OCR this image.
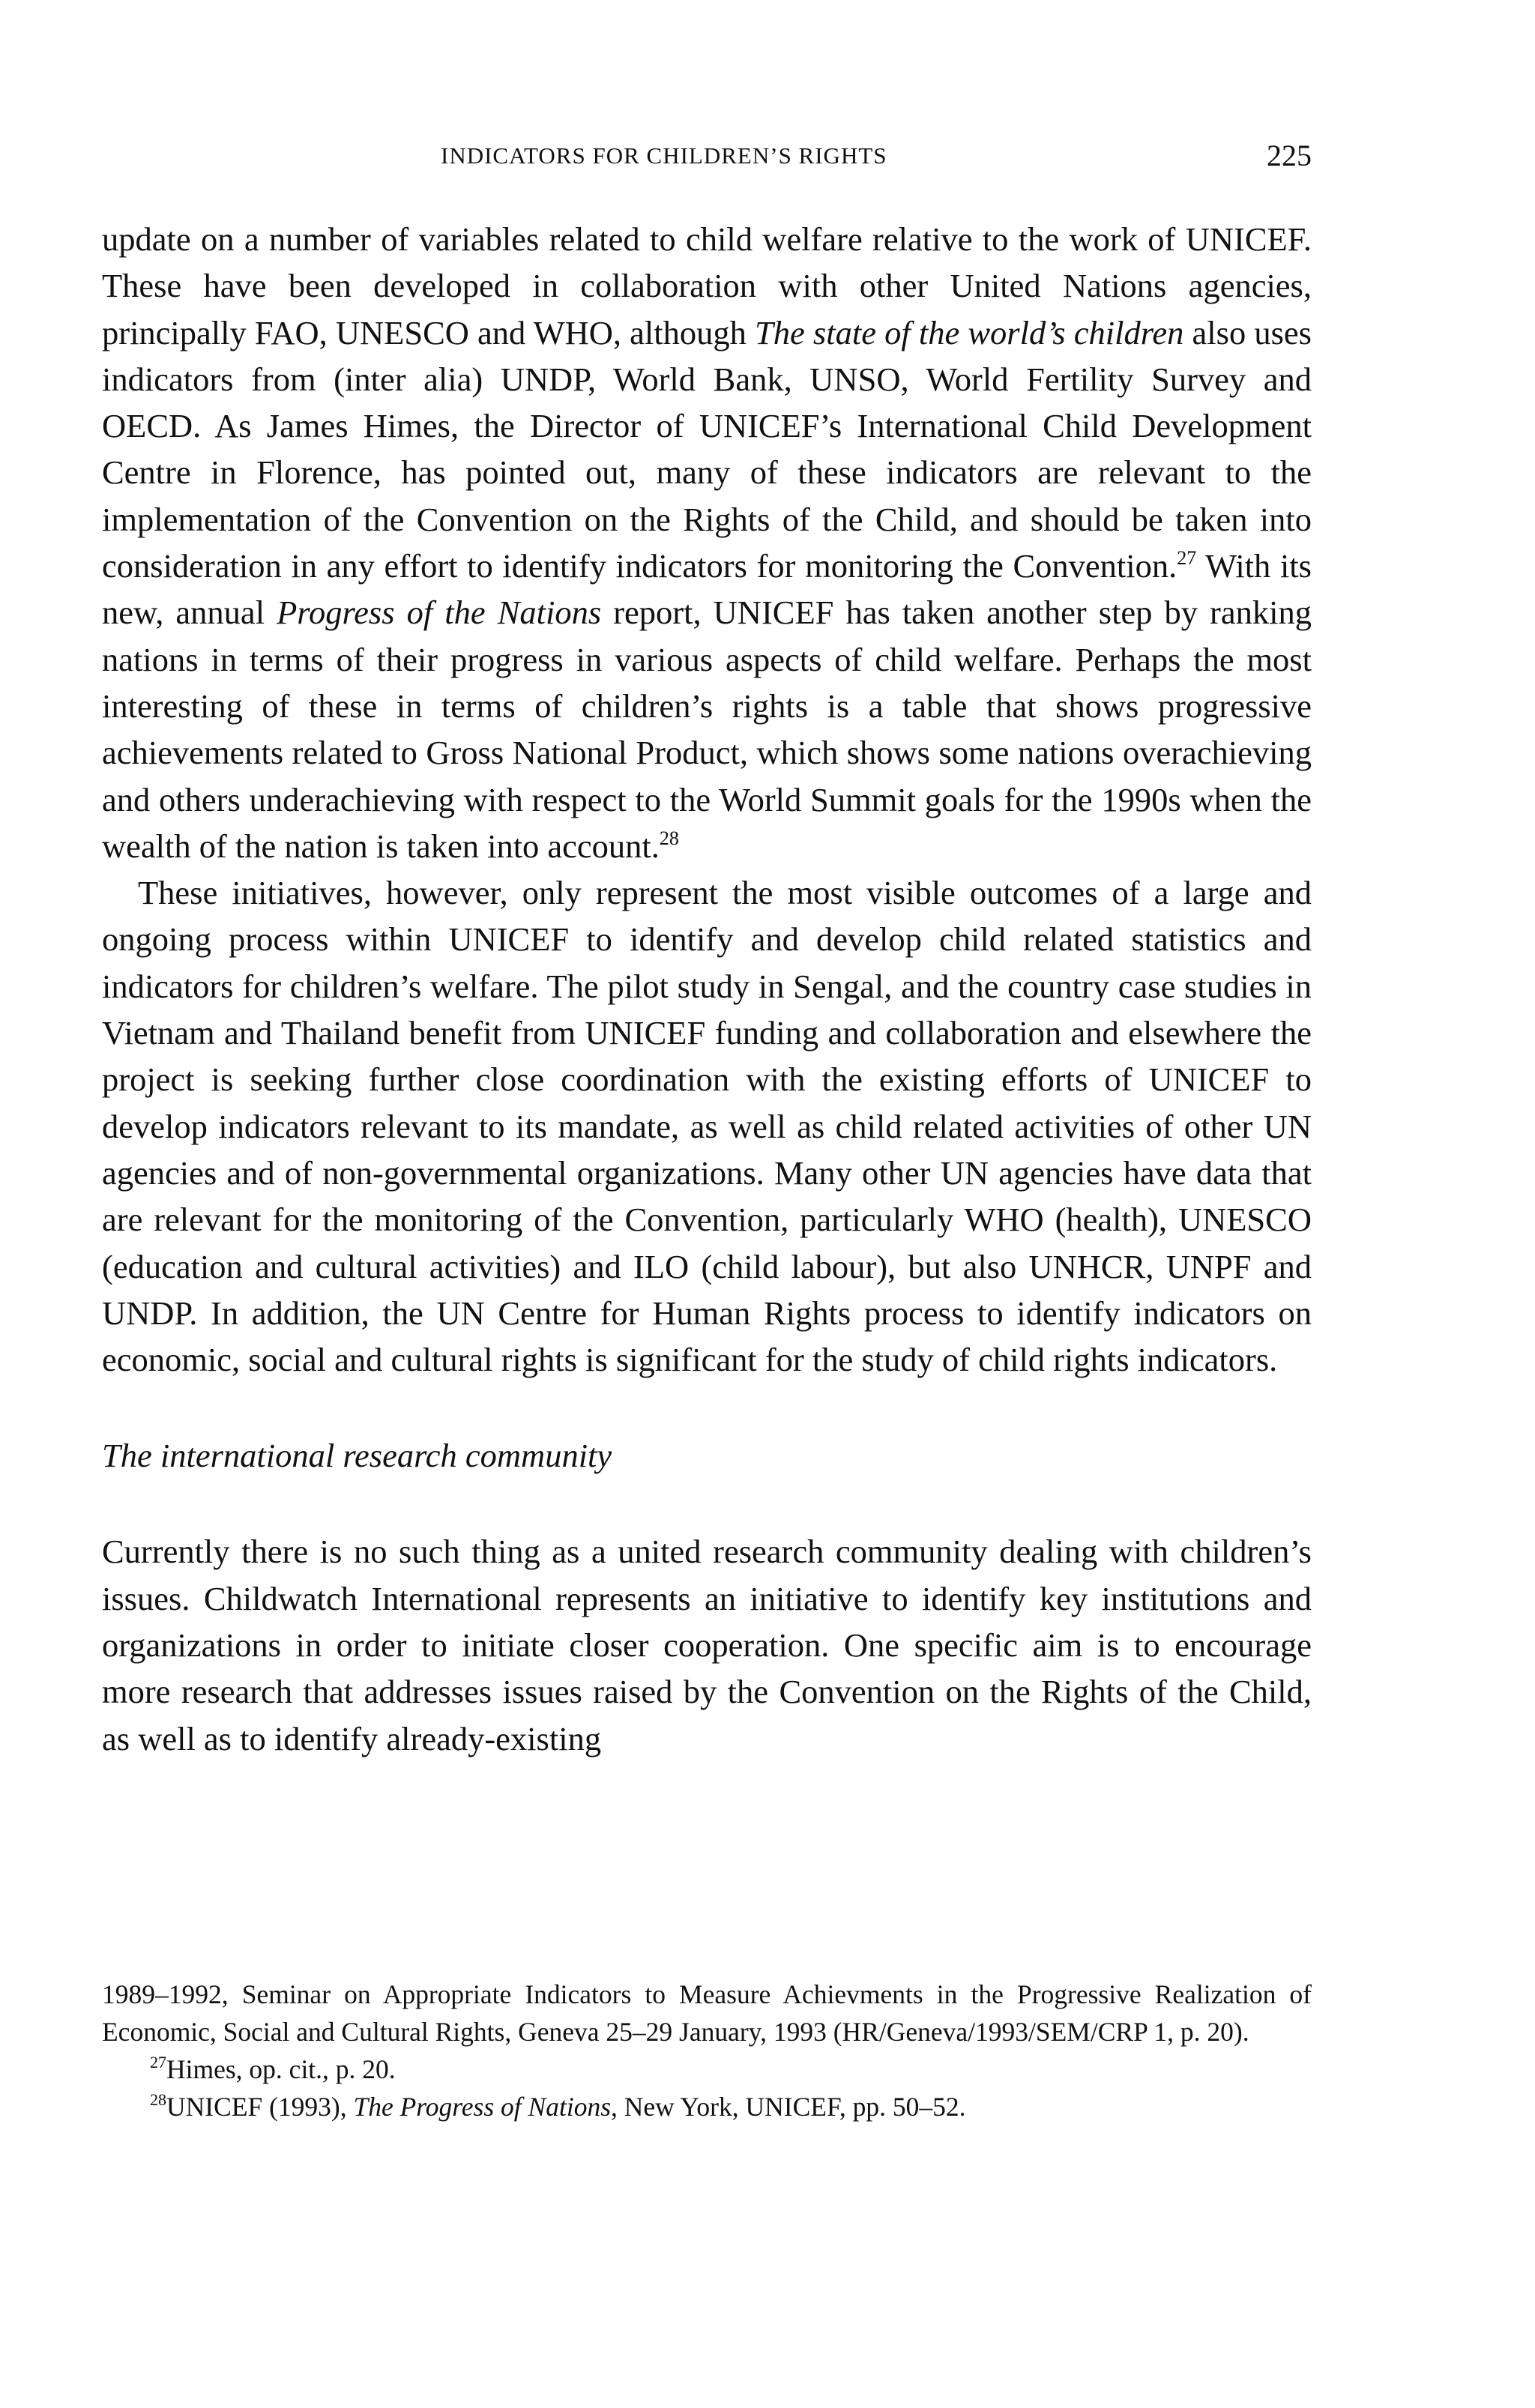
INDICATORS FOR CHILDREN’S RIGHTS	225

update on a number of variables related to child welfare relative to the work of UNICEF. These have been developed in collaboration with other United Nations agencies, principally FAO, UNESCO and WHO, although The state of the world’s children also uses indicators from (inter alia) UNDP, World Bank, UNSO, World Fertility Survey and OECD. As James Himes, the Director of UNICEF’s International Child Development Centre in Florence, has pointed out, many of these indicators are relevant to the implementation of the Convention on the Rights of the Child, and should be taken into consideration in any effort to identify indicators for monitoring the Convention.$^{27}$ With its new, annual Progress of the Nations report, UNICEF has taken another step by ranking nations in terms of their progress in various aspects of child welfare. Perhaps the most interesting of these in terms of children’s rights is a table that shows progressive achievements related to Gross National Product, which shows some nations overachieving and others underachieving with respect to the World Summit goals for the 1990s when the wealth of the nation is taken into account.$^{28}$

These initiatives, however, only represent the most visible outcomes of a large and ongoing process within UNICEF to identify and develop child related statistics and indicators for children’s welfare. The pilot study in Sengal, and the country case studies in Vietnam and Thailand benefit from UNICEF funding and collaboration and elsewhere the project is seeking further close coordination with the existing efforts of UNICEF to develop indicators relevant to its mandate, as well as child related activities of other UN agencies and of non-governmental organizations. Many other UN agencies have data that are relevant for the monitoring of the Convention, particularly WHO (health), UNESCO (education and cultural activities) and ILO (child labour), but also UNHCR, UNPF and UNDP. In addition, the UN Centre for Human Rights process to identify indicators on economic, social and cultural rights is significant for the study of child rights indicators.

The international research community

Currently there is no such thing as a united research community dealing with children’s issues. Childwatch International represents an initiative to identify key institutions and organizations in order to initiate closer cooperation. One specific aim is to encourage more research that addresses issues raised by the Convention on the Rights of the Child, as well as to identify already-existing

1989–1992, Seminar on Appropriate Indicators to Measure Achievments in the Progressive Realization of Economic, Social and Cultural Rights, Geneva 25–29 January, 1993 (HR/Geneva/1993/SEM/CRP 1, p. 20).

$^{27}$Himes, op. cit., p. 20.

$^{28}$UNICEF (1993), The Progress of Nations, New York, UNICEF, pp. 50–52.
